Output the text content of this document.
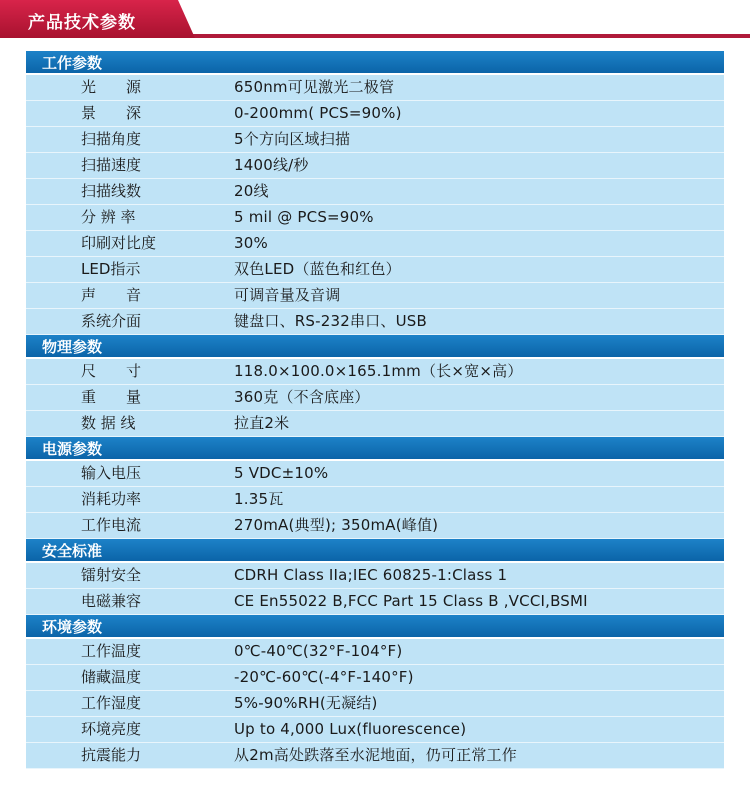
产品技术参数
工作参数
光　　源	650nm可见激光二极管
景　　深	0-200mm( PCS=90%)
扫描角度	5个方向区域扫描
扫描速度	1400线/秒
扫描线数	20线
分 辨 率	5 mil @ PCS=90%
印刷对比度	30%
LED指示	双色LED（蓝色和红色）
声　　音	可调音量及音调
系统介面	键盘口、RS-232串口、USB
物理参数
尺　　寸	118.0×100.0×165.1mm（长×宽×高）
重　　量	360克（不含底座）
数 据 线	拉直2米
电源参数
输入电压	5 VDC±10%
消耗功率	1.35瓦
工作电流	270mA(典型); 350mA(峰值)
安全标准
镭射安全	CDRH Class IIa;IEC 60825-1:Class 1
电磁兼容	CE En55022 B,FCC Part 15 Class B ,VCCI,BSMI
环境参数
工作温度	0℃-40℃(32°F-104°F)
储藏温度	-20℃-60℃(-4°F-140°F)
工作湿度	5%-90%RH(无凝结)
环境亮度	Up to 4,000 Lux(fluorescence)
抗震能力	从2m高处跌落至水泥地面，仍可正常工作
